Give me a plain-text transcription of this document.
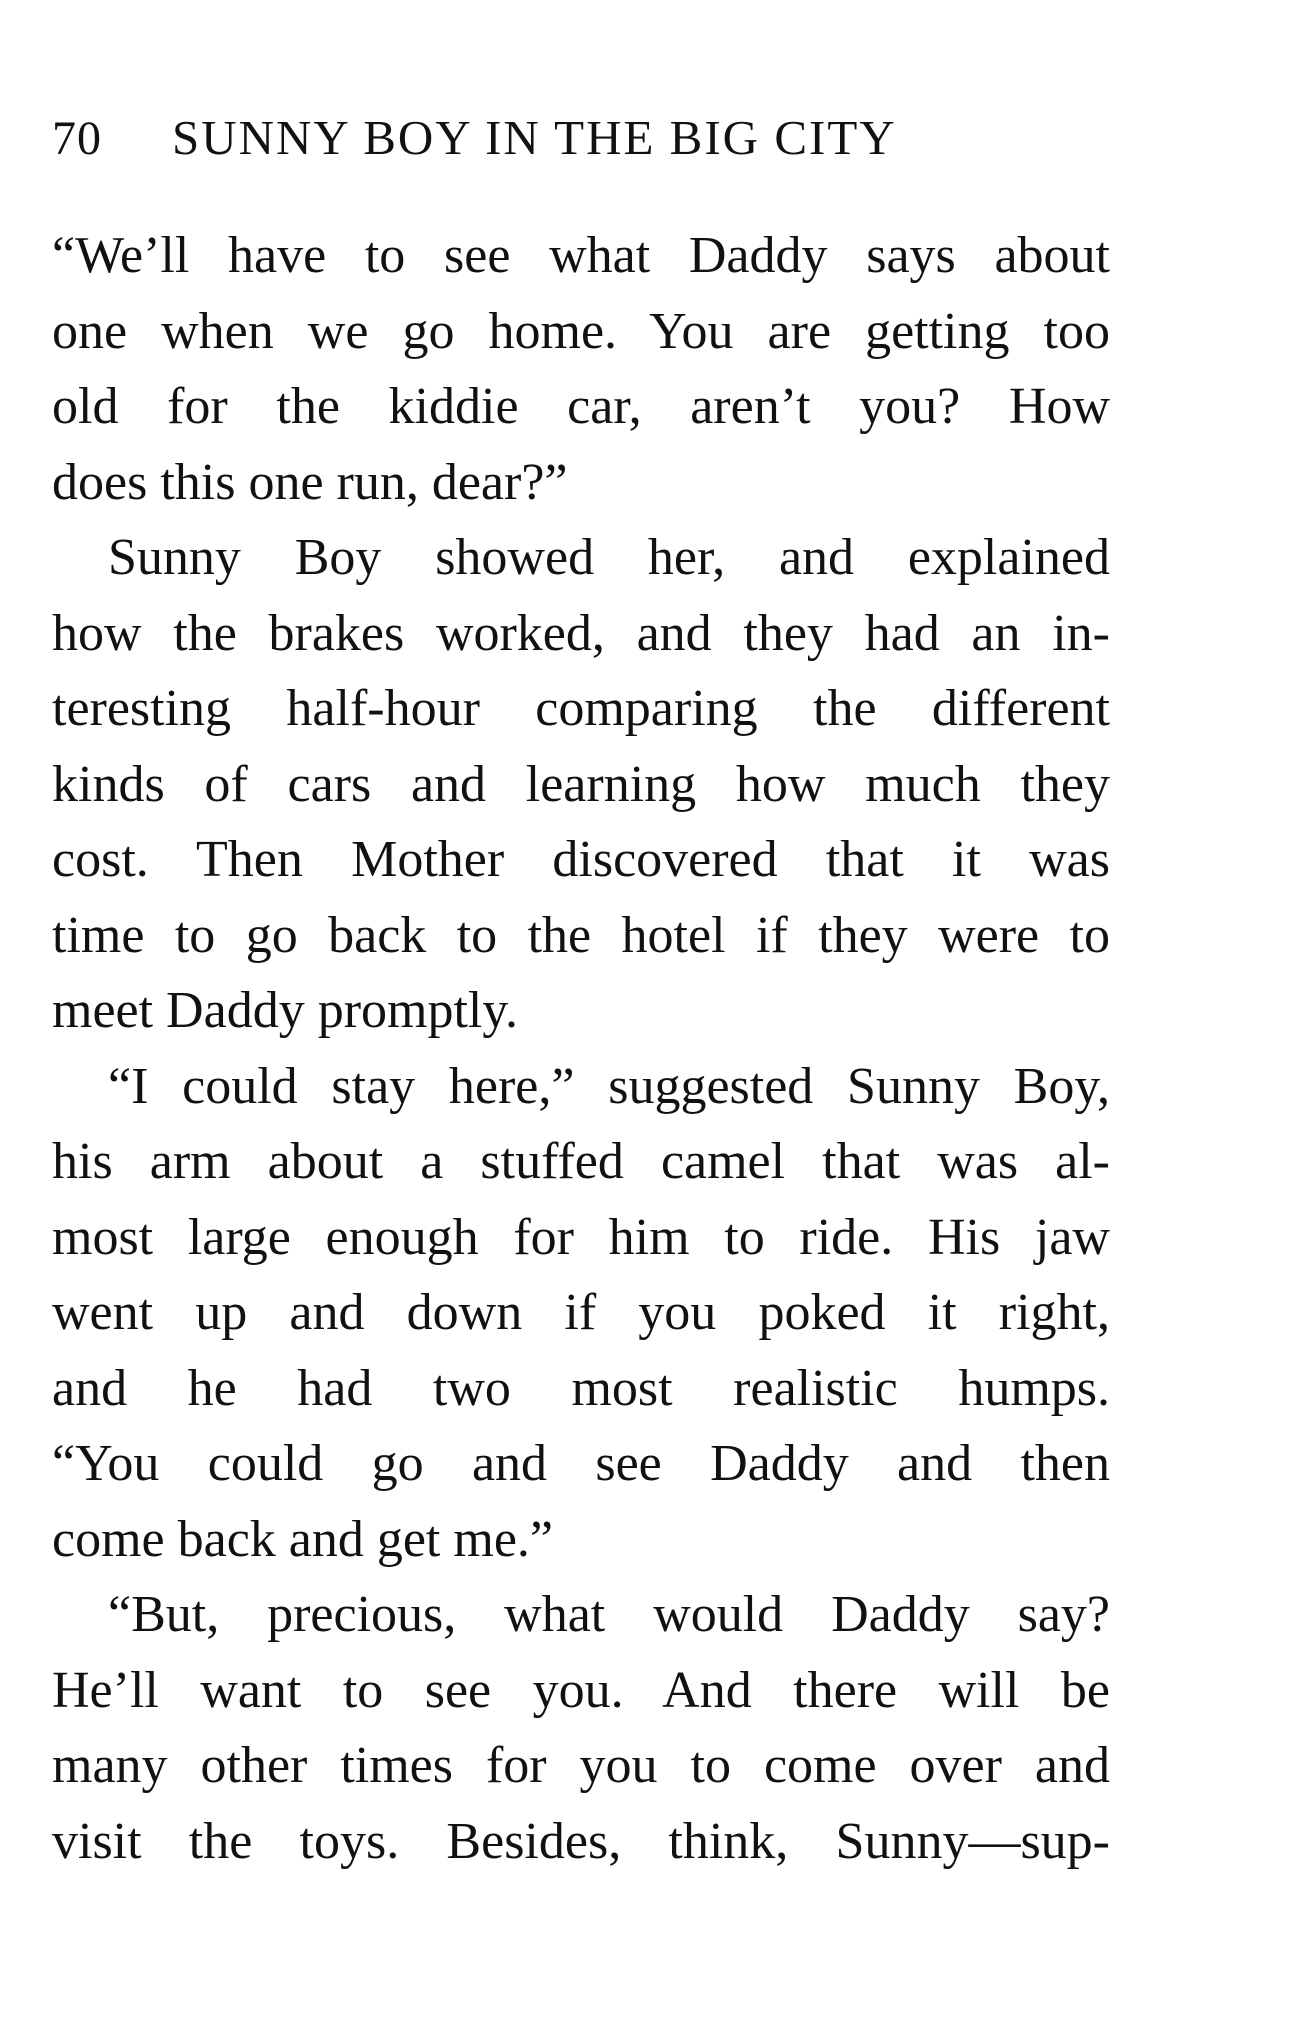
70 SUNNY BOY IN THE BIG CITY
“We’ll have to see what Daddy says about
one when we go home. You are getting too
old for the kiddie car, aren’t you? How
does this one run, dear?”
Sunny Boy showed her, and explained
how the brakes worked, and they had an in-
teresting half-hour comparing the different
kinds of cars and learning how much they
cost. Then Mother discovered that it was
time to go back to the hotel if they were to
meet Daddy promptly.
“I could stay here,” suggested Sunny Boy,
his arm about a stuffed camel that was al-
most large enough for him to ride. His jaw
went up and down if you poked it right,
and he had two most realistic humps.
“You could go and see Daddy and then
come back and get me.”
“But, precious, what would Daddy say?
He’ll want to see you. And there will be
many other times for you to come over and
visit the toys. Besides, think, Sunny—sup-
